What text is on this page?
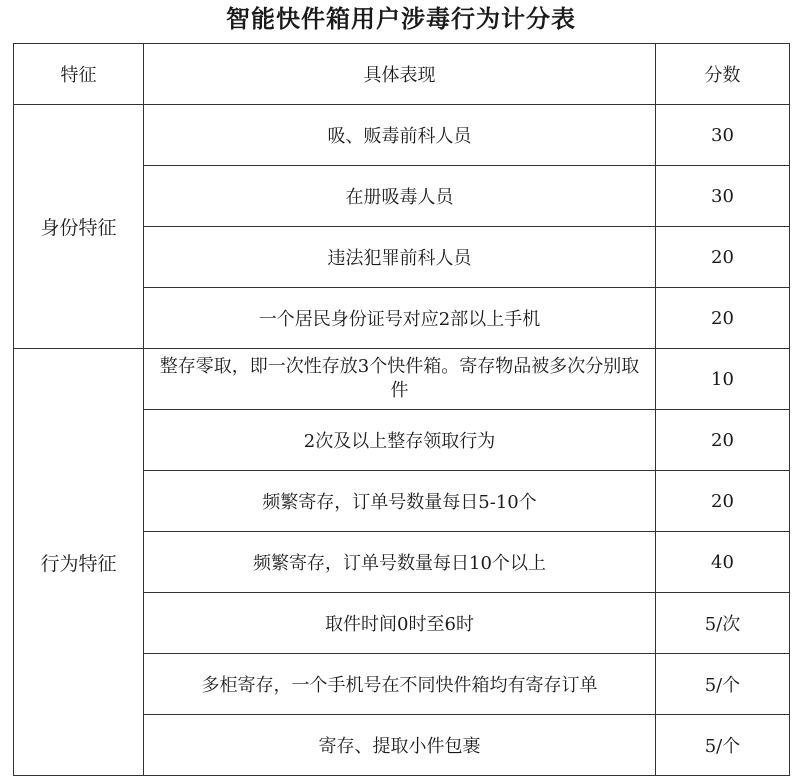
智能快件箱用户涉毒行为计分表
特征	具体表现	分数
身份特征	吸、贩毒前科人员	30
	在册吸毒人员	30
	违法犯罪前科人员	20
	一个居民身份证号对应2部以上手机	20
行为特征	整存零取，即一次性存放3个快件箱。寄存物品被多次分别取件	10
	2次及以上整存领取行为	20
	频繁寄存，订单号数量每日5-10个	20
	频繁寄存，订单号数量每日10个以上	40
	取件时间0时至6时	5/次
	多柜寄存，一个手机号在不同快件箱均有寄存订单	5/个
	寄存、提取小件包裹	5/个
